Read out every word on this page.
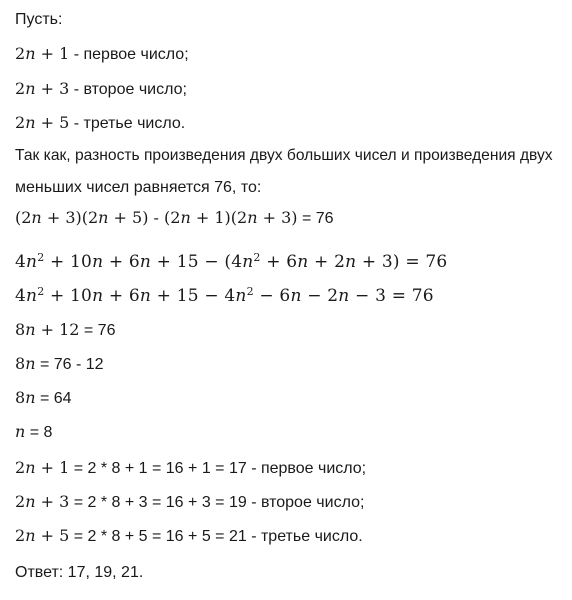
Пусть:
2n + 1 - первое число;
2n + 3 - второе число;
2n + 5 - третье число.
Так как, разность произведения двух больших чисел и произведения двух
меньших чисел равняется 76, то:
(2n + 3)(2n + 5) - (2n + 1)(2n + 3) = 76
$4n^2 + 10n + 6n + 15 - (4n^2 + 6n + 2n + 3) = 76$
$4n^2 + 10n + 6n + 15 - 4n^2 - 6n - 2n - 3 = 76$
8n + 12 = 76
8n = 76 - 12
8n = 64
n = 8
2n + 1 = 2 * 8 + 1 = 16 + 1 = 17 - первое число;
2n + 3 = 2 * 8 + 3 = 16 + 3 = 19 - второе число;
2n + 5 = 2 * 8 + 5 = 16 + 5 = 21 - третье число.
Ответ: 17, 19, 21.
